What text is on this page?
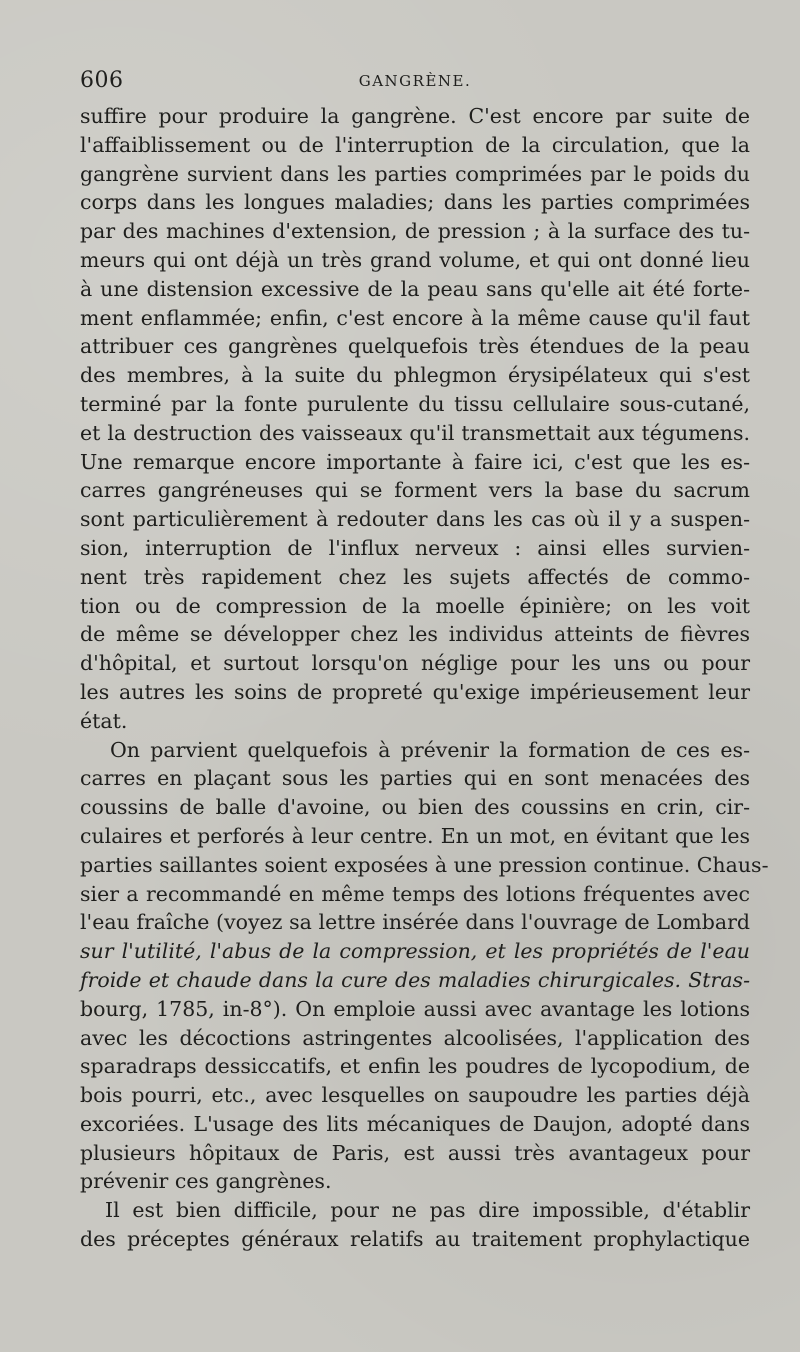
606	GANGRÈNE.
suffire pour produire la gangrène. C'est encore par suite de
l'affaiblissement ou de l'interruption de la circulation, que la
gangrène survient dans les parties comprimées par le poids du
corps dans les longues maladies; dans les parties comprimées
par des machines d'extension, de pression ; à la surface des tu-
meurs qui ont déjà un très grand volume, et qui ont donné lieu
à une distension excessive de la peau sans qu'elle ait été forte-
ment enflammée; enfin, c'est encore à la même cause qu'il faut
attribuer ces gangrènes quelquefois très étendues de la peau
des membres, à la suite du phlegmon érysipélateux qui s'est
terminé par la fonte purulente du tissu cellulaire sous-cutané,
et la destruction des vaisseaux qu'il transmettait aux tégumens.
Une remarque encore importante à faire ici, c'est que les es-
carres gangréneuses qui se forment vers la base du sacrum
sont particulièrement à redouter dans les cas où il y a suspen-
sion, interruption de l'influx nerveux : ainsi elles survien-
nent très rapidement chez les sujets affectés de commo-
tion ou de compression de la moelle épinière; on les voit
de même se développer chez les individus atteints de fièvres
d'hôpital, et surtout lorsqu'on néglige pour les uns ou pour
les autres les soins de propreté qu'exige impérieusement leur
état.
On parvient quelquefois à prévenir la formation de ces es-
carres en plaçant sous les parties qui en sont menacées des
coussins de balle d'avoine, ou bien des coussins en crin, cir-
culaires et perforés à leur centre. En un mot, en évitant que les
parties saillantes soient exposées à une pression continue. Chaus-
sier a recommandé en même temps des lotions fréquentes avec
l'eau fraîche (voyez sa lettre insérée dans l'ouvrage de Lombard
sur l'utilité, l'abus de la compression, et les propriétés de l'eau
froide et chaude dans la cure des maladies chirurgicales. Stras-
bourg, 1785, in-8°). On emploie aussi avec avantage les lotions
avec les décoctions astringentes alcoolisées, l'application des
sparadraps dessiccatifs, et enfin les poudres de lycopodium, de
bois pourri, etc., avec lesquelles on saupoudre les parties déjà
excoriées. L'usage des lits mécaniques de Daujon, adopté dans
plusieurs hôpitaux de Paris, est aussi très avantageux pour
prévenir ces gangrènes.
Il est bien difficile, pour ne pas dire impossible, d'établir
des préceptes généraux relatifs au traitement prophylactique
